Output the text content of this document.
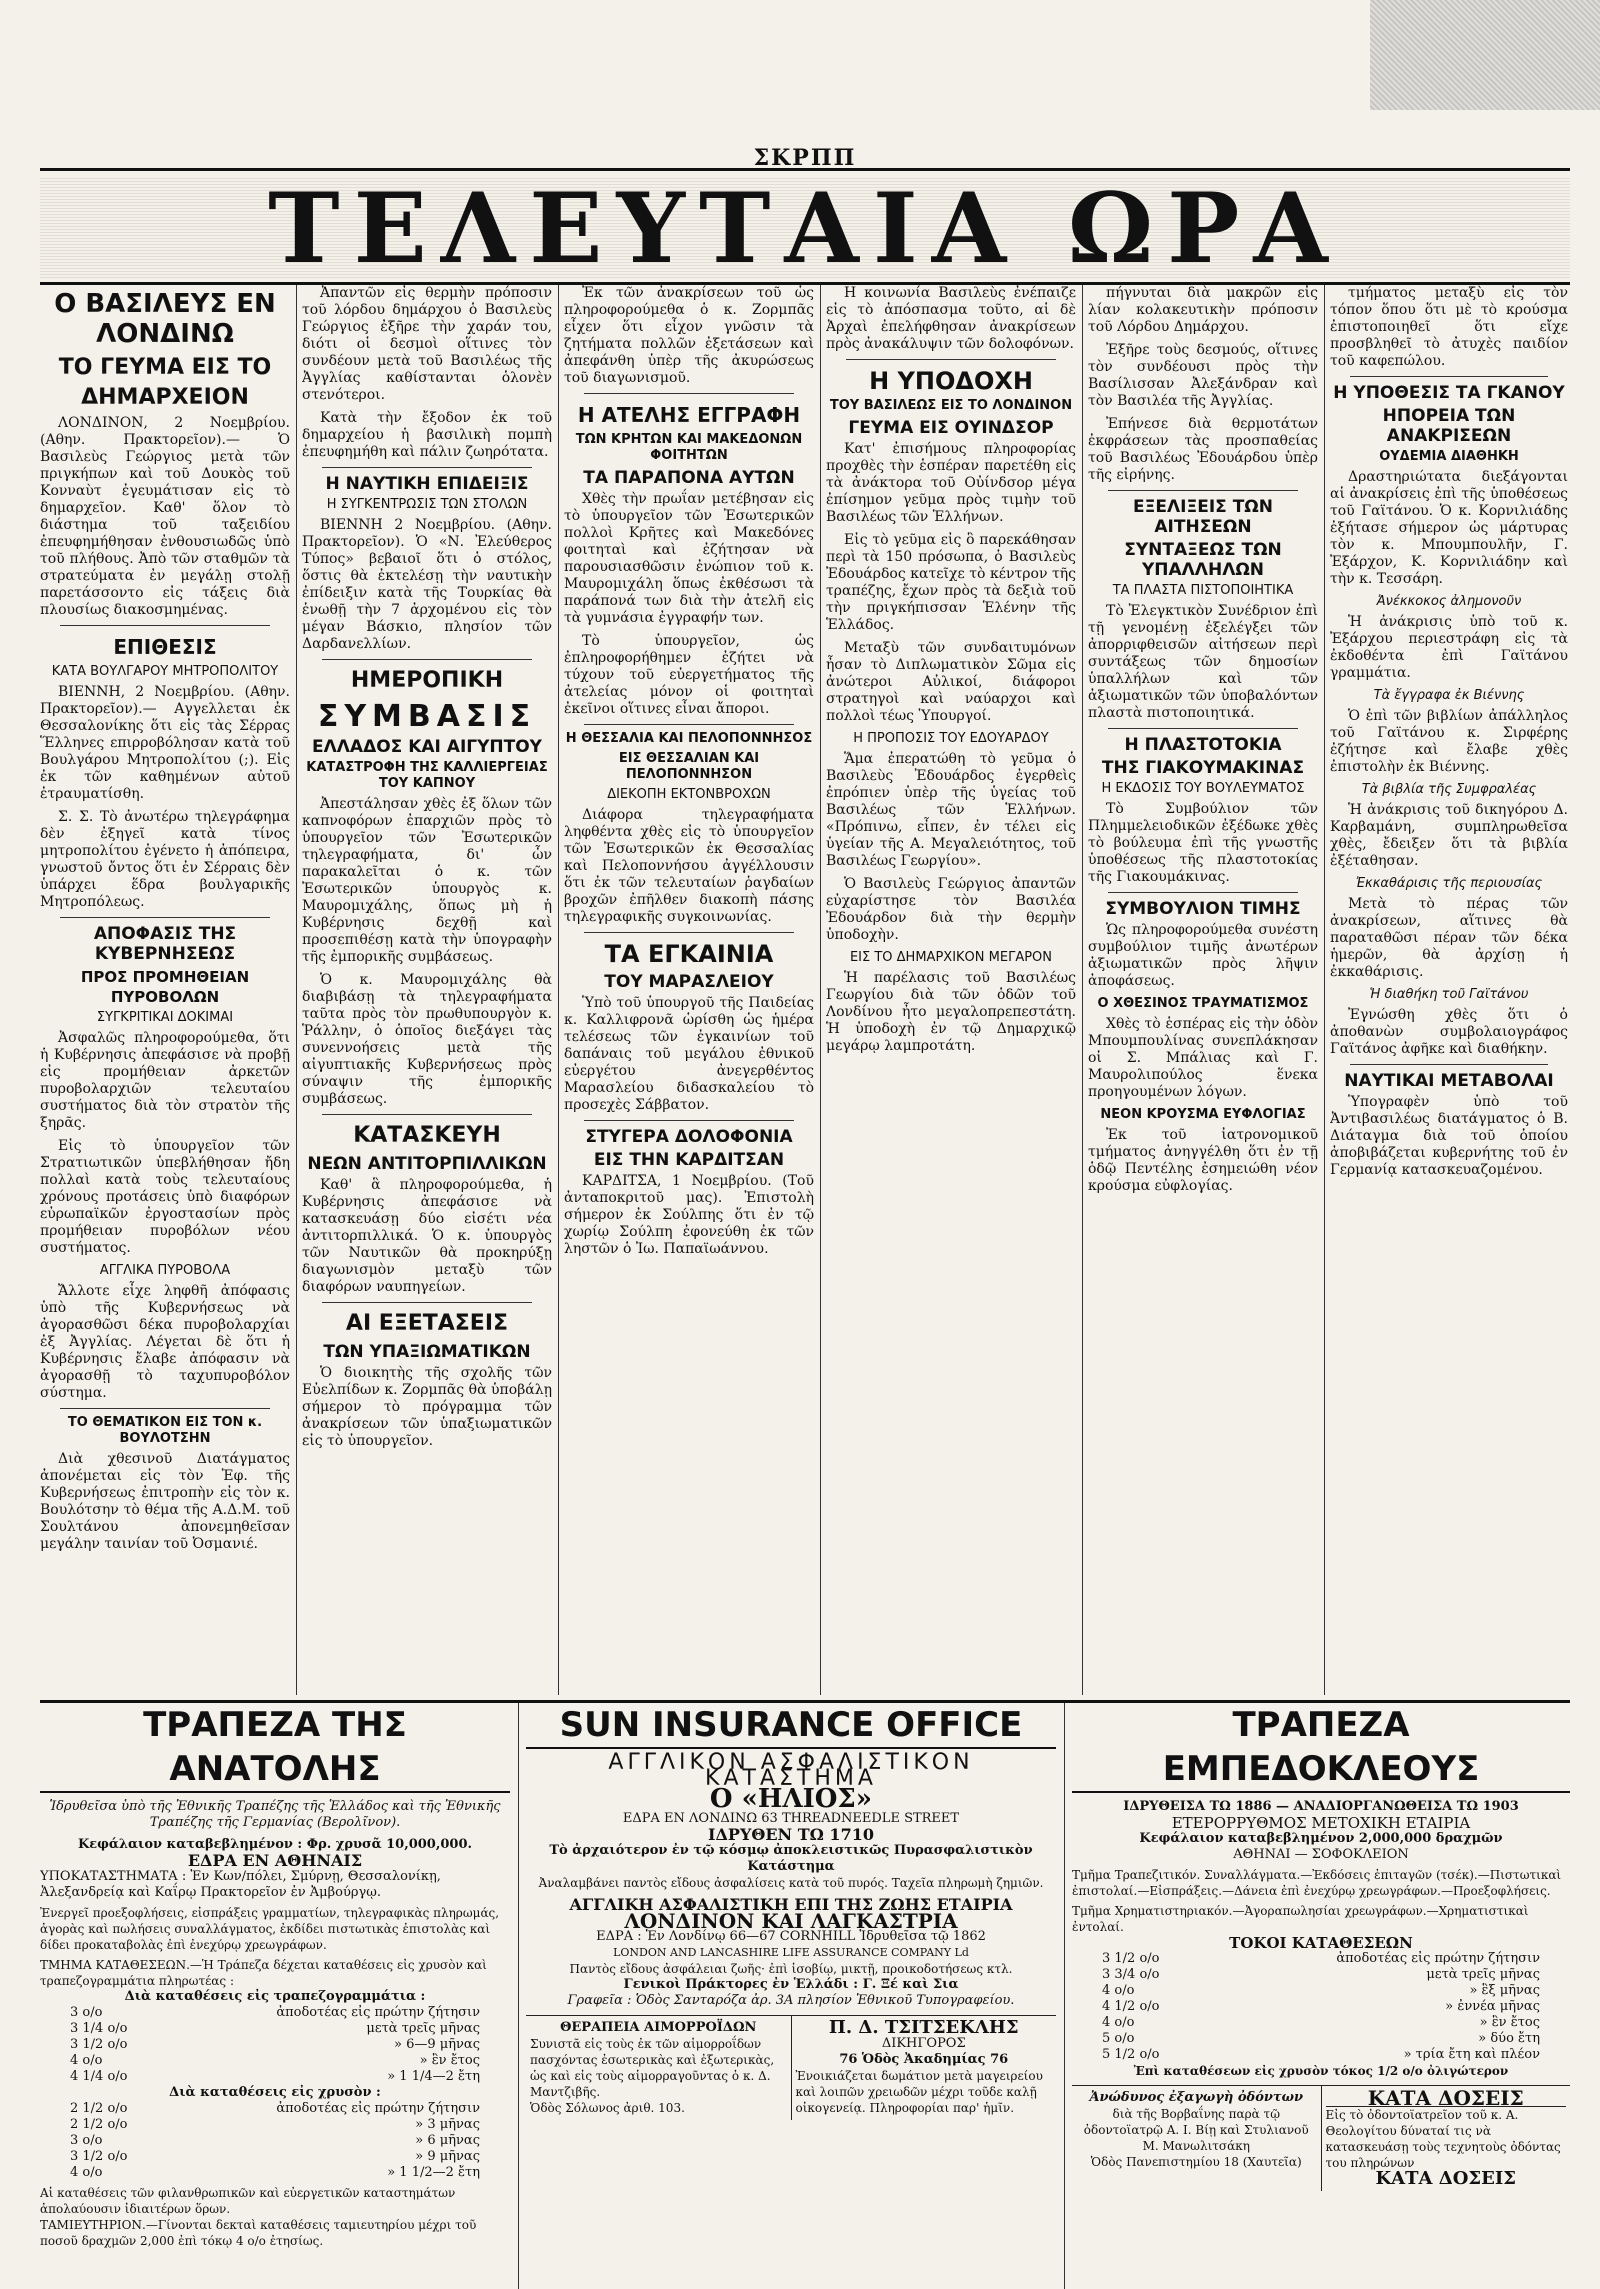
ΣΚΡΠΠ
ΤΕΛΕΥΤΑΙΑ ΩΡΑ
Ο ΒΑΣΙΛΕΥΣ ΕΝ ΛΟΝΔΙΝΩ
ΤΟ ΓΕΥΜΑ ΕΙΣ ΤΟ ΔΗΜΑΡΧΕΙΟΝ

ΛΟΝΔΙΝΟΝ, 2 Νοεμβρίου. (Αθην. Πρακτορεῖον).— Ὁ Βασιλεὺς Γεώργιος μετὰ τῶν πριγκήπων καὶ τοῦ Δουκὸς τοῦ Κονναὺτ ἐγευμάτισαν εἰς τὸ δημαρχεῖον. Καθ' ὅλον τὸ διάστημα τοῦ ταξειδίου ἐπευφημήθησαν ἐνθουσιωδῶς ὑπὸ τοῦ πλήθους. Ἀπὸ τῶν σταθμῶν τὰ στρατεύματα ἐν μεγάλῃ στολῇ παρετάσσοντο εἰς τάξεις διὰ πλουσίως διακοσμημένας.

ΕΠΙΘΕΣΙΣ
ΚΑΤΑ ΒΟΥΛΓΑΡΟΥ ΜΗΤΡΟΠΟΛΙΤΟΥ

ΒΙΕΝΝΗ, 2 Νοεμβρίου. (Αθην. Πρακτορεῖον).— Αγγελλεται ἐκ Θεσσαλονίκης ὅτι εἰς τὰς Σέρρας Ἕλληνες επιρροβόλησαν κατὰ τοῦ Βουλγάρου Μητροπολίτου (;). Εἰς ἐκ τῶν καθημένων αὐτοῦ ἐτραυματίσθη.

Σ. Σ. Τὸ ἀνωτέρω τηλεγράφημα δὲν ἐξηγεῖ κατὰ τίνος μητροπολίτου ἐγένετο ἡ ἀπόπειρα, γνωστοῦ ὄντος ὅτι ἐν Σέρραις δὲν ὑπάρχει ἕδρα βουλγαρικῆς Μητροπόλεως.

ΑΠΟΦΑΣΙΣ ΤΗΣ ΚΥΒΕΡΝΗΣΕΩΣ
ΠΡΟΣ ΠΡΟΜΗΘΕΙΑΝ ΠΥΡΟΒΟΛΩΝ
ΣΥΓΚΡΙΤΙΚΑΙ ΔΟΚΙΜΑΙ

Ἀσφαλῶς πληροφορούμεθα, ὅτι ἡ Κυβέρνησις ἀπεφάσισε νὰ προβῇ εἰς προμήθειαν ἀρκετῶν πυροβολαρχιῶν τελευταίου συστήματος διὰ τὸν στρατὸν τῆς ξηρᾶς.

Εἰς τὸ ὑπουργεῖον τῶν Στρατιωτικῶν ὑπεβλήθησαν ἤδη πολλαὶ κατὰ τοὺς τελευταίους χρόνους προτάσεις ὑπὸ διαφόρων εὐρωπαϊκῶν ἐργοστασίων πρὸς προμήθειαν πυροβόλων νέου συστήματος.

ΑΓΓΛΙΚΑ ΠΥΡΟΒΟΛΑ

Ἄλλοτε εἶχε ληφθῆ ἀπόφασις ὑπὸ τῆς Κυβερνήσεως νὰ ἀγορασθῶσι δέκα πυροβολαρχίαι ἐξ Ἀγγλίας. Λέγεται δὲ ὅτι ἡ Κυβέρνησις ἔλαβε ἀπόφασιν νὰ ἀγορασθῇ τὸ ταχυπυροβόλον σύστημα.

ΤΟ ΘΕΜΑΤΙΚΟΝ ΕΙΣ ΤΟΝ κ. ΒΟΥΛΟΤΣΗΝ

Διὰ χθεσινοῦ Διατάγματος ἀπονέμεται εἰς τὸν Ἐφ. τῆς Κυβερνήσεως ἐπιτροπὴν εἰς τὸν κ. Βουλότσην τὸ θέμα τῆς Α.Δ.Μ. τοῦ Σουλτάνου ἀπονεμηθεῖσαν μεγάλην ταινίαν τοῦ Ὀσμανιέ.

Ἀπαντῶν εἰς θερμὴν πρόποσιν τοῦ λόρδου δημάρχου ὁ Βασιλεὺς Γεώργιος ἐξῆρε τὴν χαράν του, διότι οἱ δεσμοὶ οἵτινες τὸν συνδέουν μετὰ τοῦ Βασιλέως τῆς Ἀγγλίας καθίστανται ὁλονὲν στενότεροι.

Κατὰ τὴν ἔξοδον ἐκ τοῦ δημαρχείου ἡ βασιλικὴ πομπὴ ἐπευφημήθη καὶ πάλιν ζωηρότατα.

Η ΝΑΥΤΙΚΗ ΕΠΙΔΕΙΞΙΣ
Η ΣΥΓΚΕΝΤΡΩΣΙΣ ΤΩΝ ΣΤΟΛΩΝ

ΒΙΕΝΝΗ 2 Νοεμβρίου. (Αθην. Πρακτορεῖον). Ὁ «Ν. Ἐλεύθερος Τύπος» βεβαιοῖ ὅτι ὁ στόλος, ὅστις θὰ ἐκτελέσῃ τὴν ναυτικὴν ἐπίδειξιν κατὰ τῆς Τουρκίας θὰ ἑνωθῇ τὴν 7 ἀρχομένου εἰς τὸν μέγαν Βάσκιο, πλησίον τῶν Δαρδανελλίων.

ΗΜΕΡΟΠΙΚΗ
ΣΥΜΒΑΣΙΣ
ΕΛΛΑΔΟΣ ΚΑΙ ΑΙΓΥΠΤΟΥ
ΚΑΤΑΣΤΡΟΦΗ ΤΗΣ ΚΑΛΛΙΕΡΓΕΙΑΣ ΤΟΥ ΚΑΠΝΟΥ

Ἀπεστάλησαν χθὲς ἐξ ὅλων τῶν καπνοφόρων ἐπαρχιῶν πρὸς τὸ ὑπουργεῖον τῶν Ἐσωτερικῶν τηλεγραφήματα, δι' ὧν παρακαλεῖται ὁ κ. τῶν Ἐσωτερικῶν ὑπουργὸς κ. Μαυρομιχάλης, ὅπως μὴ ἡ Κυβέρνησις δεχθῇ καὶ προσεπιθέσῃ κατὰ τὴν ὑπογραφὴν τῆς ἐμπορικῆς συμβάσεως.

Ὁ κ. Μαυρομιχάλης θὰ διαβιβάσῃ τὰ τηλεγραφήματα ταῦτα πρὸς τὸν πρωθυπουργὸν κ. Ῥάλλην, ὁ ὁποῖος διεξάγει τὰς συνεννοήσεις μετὰ τῆς αἰγυπτιακῆς Κυβερνήσεως πρὸς σύναψιν τῆς ἐμπορικῆς συμβάσεως.

ΚΑΤΑΣΚΕΥΗ
ΝΕΩΝ ΑΝΤΙΤΟΡΠΙΛΛΙΚΩΝ

Καθ' ἃ πληροφορούμεθα, ἡ Κυβέρνησις ἀπεφάσισε νὰ κατασκευάσῃ δύο εἰσέτι νέα ἀντιτορπιλλικά. Ὁ κ. ὑπουργὸς τῶν Ναυτικῶν θὰ προκηρύξῃ διαγωνισμὸν μεταξὺ τῶν διαφόρων ναυπηγείων.

ΑΙ ΕΞΕΤΑΣΕΙΣ
ΤΩΝ ΥΠΑΞΙΩΜΑΤΙΚΩΝ

Ὁ διοικητὴς τῆς σχολῆς τῶν Εὐελπίδων κ. Ζορμπᾶς θὰ ὑποβάλῃ σήμερον τὸ πρόγραμμα τῶν ἀνακρίσεων τῶν ὑπαξιωματικῶν εἰς τὸ ὑπουργεῖον.

Ἐκ τῶν ἀνακρίσεων τοῦ ὡς πληροφορούμεθα ὁ κ. Ζορμπᾶς εἶχεν ὅτι εἶχον γνῶσιν τὰ ζητήματα πολλῶν ἐξετάσεων καὶ ἀπεφάνθη ὑπὲρ τῆς ἀκυρώσεως τοῦ διαγωνισμοῦ.

Η ΑΤΕΛΗΣ ΕΓΓΡΑΦΗ
ΤΩΝ ΚΡΗΤΩΝ ΚΑΙ ΜΑΚΕΔΟΝΩΝ ΦΟΙΤΗΤΩΝ
ΤΑ ΠΑΡΑΠΟΝΑ ΑΥΤΩΝ

Χθὲς τὴν πρωΐαν μετέβησαν εἰς τὸ ὑπουργεῖον τῶν Ἐσωτερικῶν πολλοὶ Κρῆτες καὶ Μακεδόνες φοιτηταὶ καὶ ἐζήτησαν νὰ παρουσιασθῶσιν ἐνώπιον τοῦ κ. Μαυρομιχάλη ὅπως ἐκθέσωσι τὰ παράπονά των διὰ τὴν ἀτελῆ εἰς τὰ γυμνάσια ἐγγραφήν των.

Τὸ ὑπουργεῖον, ὡς ἐπληροφορήθημεν ἐζήτει νὰ τύχουν τοῦ εὐεργετήματος τῆς ἀτελείας μόνον οἱ φοιτηταὶ ἐκεῖνοι οἵτινες εἶναι ἄποροι.

Η ΘΕΣΣΑΛΙΑ ΚΑΙ ΠΕΛΟΠΟΝΝΗΣΟΣ
ΕΙΣ ΘΕΣΣΑΛΙΑΝ ΚΑΙ ΠΕΛΟΠΟΝΝΗΣΟΝ
ΔΙΕΚΟΠΗ ΕΚΤΟΝΒΡΟΧΩΝ

Διάφορα τηλεγραφήματα ληφθέντα χθὲς εἰς τὸ ὑπουργεῖον τῶν Ἐσωτερικῶν ἐκ Θεσσαλίας καὶ Πελοποννήσου ἀγγέλλουσιν ὅτι ἐκ τῶν τελευταίων ῥαγδαίων βροχῶν ἐπῆλθεν διακοπὴ πάσης τηλεγραφικῆς συγκοινωνίας.

ΤΑ ΕΓΚΑΙΝΙΑ
ΤΟΥ ΜΑΡΑΣΛΕΙΟΥ

Ὑπὸ τοῦ ὑπουργοῦ τῆς Παιδείας κ. Καλλιφρονᾶ ὡρίσθη ὡς ἡμέρα τελέσεως τῶν ἐγκαινίων τοῦ δαπάναις τοῦ μεγάλου ἐθνικοῦ εὐεργέτου ἀνεγερθέντος Μαρασλείου διδασκαλείου τὸ προσεχὲς Σάββατον.

ΣΤΥΓΕΡΑ ΔΟΛΟΦΟΝΙΑ
ΕΙΣ ΤΗΝ ΚΑΡΔΙΤΣΑΝ

ΚΑΡΔΙΤΣΑ, 1 Νοεμβρίου. (Τοῦ ἀνταποκριτοῦ μας). Ἐπιστολὴ σήμερον ἐκ Σούλπης ὅτι ἐν τῷ χωρίῳ Σούλπη ἐφονεύθη ἐκ τῶν ληστῶν ὁ Ἰω. Παπαϊωάννου.

Η κοινωνία Βασιλεὺς ἐνέπαιζε εἰς τὸ ἀπόσπασμα τοῦτο, αἱ δὲ Ἀρχαὶ ἐπελήφθησαν ἀνακρίσεων πρὸς ἀνακάλυψιν τῶν δολοφόνων.

Η ΥΠΟΔΟΧΗ
ΤΟΥ ΒΑΣΙΛΕΩΣ ΕΙΣ ΤΟ ΛΟΝΔΙΝΟΝ
ΓΕΥΜΑ ΕΙΣ ΟΥΙΝΔΣΟΡ

Κατ' ἐπισήμους πληροφορίας προχθὲς τὴν ἑσπέραν παρετέθη εἰς τὰ ἀνάκτορα τοῦ Οὐίνδσορ μέγα ἐπίσημον γεῦμα πρὸς τιμὴν τοῦ Βασιλέως τῶν Ἑλλήνων.

Εἰς τὸ γεῦμα εἰς ὃ παρεκάθησαν περὶ τὰ 150 πρόσωπα, ὁ Βασιλεὺς Ἐδουάρδος κατεῖχε τὸ κέντρον τῆς τραπέζης, ἔχων πρὸς τὰ δεξιὰ τοῦ τὴν πριγκήπισσαν Ἑλένην τῆς Ἑλλάδος.

Μεταξὺ τῶν συνδαιτυμόνων ἦσαν τὸ Διπλωματικὸν Σῶμα εἰς ἀνώτεροι Αὐλικοί, διάφοροι στρατηγοὶ καὶ ναύαρχοι καὶ πολλοὶ τέως Ὑπουργοί.

Η ΠΡΟΠΟΣΙΣ ΤΟΥ ΕΔΟΥΑΡΔΟΥ

Ἅμα ἐπερατώθη τὸ γεῦμα ὁ Βασιλεὺς Ἐδουάρδος ἐγερθεὶς ἐπρόπιεν ὑπὲρ τῆς ὑγείας τοῦ Βασιλέως τῶν Ἑλλήνων. «Πρόπινω, εἶπεν, ἐν τέλει εἰς ὑγείαν τῆς Α. Μεγαλειότητος, τοῦ Βασιλέως Γεωργίου».

Ὁ Βασιλεὺς Γεώργιος ἀπαντῶν εὐχαρίστησε τὸν Βασιλέα Ἐδουάρδον διὰ τὴν θερμὴν ὑποδοχὴν.

ΕΙΣ ΤΟ ΔΗΜΑΡΧΙΚΟΝ ΜΕΓΑΡΟΝ

Ἡ παρέλασις τοῦ Βασιλέως Γεωργίου διὰ τῶν ὁδῶν τοῦ Λονδίνου ἦτο μεγαλοπρεπεστάτη. Ἡ ὑποδοχὴ ἐν τῷ Δημαρχικῷ μεγάρῳ λαμπροτάτη.

πήγνυται διὰ μακρῶν εἰς λίαν κολακευτικὴν πρόποσιν τοῦ Λόρδου Δημάρχου.

Ἐξῆρε τοὺς δεσμούς, οἵτινες τὸν συνδέουσι πρὸς τὴν Βασίλισσαν Ἀλεξάνδραν καὶ τὸν Βασιλέα τῆς Ἀγγλίας.

Ἐπήνεσε διὰ θερμοτάτων ἐκφράσεων τὰς προσπαθείας τοῦ Βασιλέως Ἐδουάρδου ὑπὲρ τῆς εἰρήνης.

ΕΞΕΛΙΞΕΙΣ ΤΩΝ ΑΙΤΗΣΕΩΝ
ΣΥΝΤΑΞΕΩΣ ΤΩΝ ΥΠΑΛΛΗΛΩΝ
ΤΑ ΠΛΑΣΤΑ ΠΙΣΤΟΠΟΙΗΤΙΚΑ

Τὸ Ἐλεγκτικὸν Συνέδριον ἐπὶ τῇ γενομένῃ ἐξελέγξει τῶν ἀπορριφθεισῶν αἰτήσεων περὶ συντάξεως τῶν δημοσίων ὑπαλλήλων καὶ τῶν ἀξιωματικῶν τῶν ὑποβαλόντων πλαστὰ πιστοποιητικά.

Η ΠΛΑΣΤΟΤΟΚΙΑ
ΤΗΣ ΓΙΑΚΟΥΜΑΚΙΝΑΣ
Η ΕΚΔΟΣΙΣ ΤΟΥ ΒΟΥΛΕΥΜΑΤΟΣ

Τὸ Συμβούλιον τῶν Πλημμελειοδικῶν ἐξέδωκε χθὲς τὸ βούλευμα ἐπὶ τῆς γνωστῆς ὑποθέσεως τῆς πλαστοτοκίας τῆς Γιακουμάκινας.

ΣΥΜΒΟΥΛΙΟΝ ΤΙΜΗΣ

Ὡς πληροφορούμεθα συνέστη συμβούλιον τιμῆς ἀνωτέρων ἀξιωματικῶν πρὸς λῆψιν ἀποφάσεως.

Ο ΧΘΕΣΙΝΟΣ ΤΡΑΥΜΑΤΙΣΜΟΣ

Χθὲς τὸ ἑσπέρας εἰς τὴν ὁδὸν Μπουμπουλίνας συνεπλάκησαν οἱ Σ. Μπάλιας καὶ Γ. Μαυρολιπούλος ἕνεκα προηγουμένων λόγων.

ΝΕΟΝ ΚΡΟΥΣΜΑ ΕΥΦΛΟΓΙΑΣ

Ἐκ τοῦ ἰατρονομικοῦ τμήματος ἀνηγγέλθη ὅτι ἐν τῇ ὁδῷ Πεντέλης ἐσημειώθη νέον κρούσμα εὐφλογίας.

τμήματος μεταξὺ εἰς τὸν τόπον ὅπου ὅτι μὲ τὸ κρούσμα ἐπιστοποιηθεῖ ὅτι εἴχε προσβληθεῖ τὸ ἀτυχὲς παιδίον τοῦ καφεπώλου.

Η ΥΠΟΘΕΣΙΣ ΤΑ ΓΚΑΝΟΥ
ΗΠΟΡΕΙΑ ΤΩΝ ΑΝΑΚΡΙΣΕΩΝ
ΟΥΔΕΜΙΑ ΔΙΑΘΗΚΗ

Δραστηριώτατα διεξάγονται αἱ ἀνακρίσεις ἐπὶ τῆς ὑποθέσεως τοῦ Γαϊτάνου. Ὁ κ. Κορνιλιάδης ἐξήτασε σήμερον ὡς μάρτυρας τὸν κ. Μπουμπουλῆν, Γ. Ἐξάρχον, Κ. Κορνιλιάδην καὶ τὴν κ. Τεσσάρη.

Ἀνέκκοκος ἀλημονοῦν

Ἡ ἀνάκρισις ὑπὸ τοῦ κ. Ἐξάρχου περιεστράφη εἰς τὰ ἐκδοθέντα ἐπὶ Γαϊτάνου γραμμάτια.

Τὰ ἔγγραφα ἐκ Βιέννης

Ὁ ἐπὶ τῶν βιβλίων ἀπάλληλος τοῦ Γαϊτάνου κ. Σιρφέρης ἐζήτησε καὶ ἔλαβε χθὲς ἐπιστολὴν ἐκ Βιέννης.

Τὰ βιβλία τῆς Συμφραλέας

Ἡ ἀνάκρισις τοῦ δικηγόρου Δ. Καρβαμάνη, συμπληρωθεῖσα χθὲς, ἔδειξεν ὅτι τὰ βιβλία ἐξέταθησαν.

Ἐκκαθάρισις τῆς περιουσίας

Μετὰ τὸ πέρας τῶν ἀνακρίσεων, αἵτινες θὰ παραταθῶσι πέραν τῶν δέκα ἡμερῶν, θὰ ἀρχίσῃ ἡ ἐκκαθάρισις.

Ἡ διαθήκη τοῦ Γαϊτάνου

Ἐγνώσθη χθὲς ὅτι ὁ ἀποθανὼν συμβολαιογράφος Γαϊτάνος ἀφῆκε καὶ διαθήκην.

ΝΑΥΤΙΚΑΙ ΜΕΤΑΒΟΛΑΙ

Ὑπογραφὲν ὑπὸ τοῦ Ἀντιβασιλέως διατάγματος ὁ Β. Διάταγμα διὰ τοῦ ὁποίου ἀποβιβάζεται κυβερνήτης τοῦ ἐν Γερμανίᾳ κατασκευαζομένου.

ΤΡΑΠΕΖΑ ΤΗΣ ΑΝΑΤΟΛΗΣ
Ἱδρυθεῖσα ὑπὸ τῆς Ἐθνικῆς Τραπέζης τῆς Ἑλλάδος καὶ τῆς Ἐθνικῆς Τραπέζης τῆς Γερμανίας (Βερολῖνον).
Κεφάλαιον καταβεβλημένον : Φρ. χρυσᾶ 10,000,000.
ΕΔΡΑ ΕΝ ΑΘΗΝΑΙΣ
ΥΠΟΚΑΤΑΣΤΗΜΑΤΑ : Ἐν Κων/πόλει, Σμύρνῃ, Θεσσαλονίκῃ, Ἀλεξανδρείᾳ καὶ Καΐρῳ Πρακτορεῖον ἐν Ἀμβούργῳ.
Ἐνεργεῖ προεξοφλήσεις, εἰσπράξεις γραμματίων, τηλεγραφικὰς πληρωμάς, ἀγορὰς καὶ πωλήσεις συναλλάγματος, ἐκδίδει πιστωτικὰς ἐπιστολὰς καὶ δίδει προκαταβολὰς ἐπὶ ἐνεχύρῳ χρεωγράφων.
ΤΜΗΜΑ ΚΑΤΑΘΕΣΕΩΝ.—Ἡ Τράπεζα δέχεται καταθέσεις εἰς χρυσὸν καὶ τραπεζογραμμάτια πληρωτέας :
Διὰ καταθέσεις εἰς τραπεζογραμμάτια :
3 ο/ο	ἀποδοτέας εἰς πρώτην ζήτησιν
3 1/4 ο/ο	μετὰ τρεῖς μῆνας
3 1/2 ο/ο	» 6—9 μῆνας
4 ο/ο	» ἓν ἔτος
4 1/4 ο/ο	» 1 1/4—2 ἔτη
Διὰ καταθέσεις εἰς χρυσὸν :
2 1/2 ο/ο	ἀποδοτέας εἰς πρώτην ζήτησιν
2 1/2 ο/ο	» 3 μῆνας
3 ο/ο	» 6 μῆνας
3 1/2 ο/ο	» 9 μῆνας
4 ο/ο	» 1 1/2—2 ἔτη
Αἱ καταθέσεις τῶν φιλανθρωπικῶν καὶ εὐεργετικῶν καταστημάτων ἀπολαύουσιν ἰδιαιτέρων ὅρων.
ΤΑΜΙΕΥΤΗΡΙΟΝ.—Γίνονται δεκταὶ καταθέσεις ταμιευτηρίου μέχρι τοῦ ποσοῦ δραχμῶν 2,000 ἐπὶ τόκῳ 4 ο/ο ἐτησίως.
SUN INSURANCE OFFICE
ΑΓΓΛΙΚΟΝ ΑΣΦΑΛΙΣΤΙΚΟΝ ΚΑΤΑΣΤΗΜΑ
Ο «ΗΛΙΟΣ»
ΕΔΡΑ ΕΝ ΛΟΝΔΙΝΩ 63 THREADNEEDLE STREET
ΙΔΡΥΘΕΝ ΤΩ 1710
Τὸ ἀρχαιότερον ἐν τῷ κόσμῳ ἀποκλειστικῶς Πυρασφαλιστικὸν Κατάστημα
Ἀναλαμβάνει παντὸς εἴδους ἀσφαλίσεις κατὰ τοῦ πυρός. Ταχεῖα πληρωμὴ ζημιῶν.
ΑΓΓΛΙΚΗ ΑΣΦΑΛΙΣΤΙΚΗ ΕΠΙ ΤΗΣ ΖΩΗΣ ΕΤΑΙΡΙΑ
ΛΟΝΔΙΝΟΝ ΚΑΙ ΛΑΓΚΑΣΤΡΙΑ
ΕΔΡΑ : Ἐν Λονδίνῳ 66—67 CORNHILL Ἱδρυθεῖσα τῷ 1862
LONDON AND LANCASHIRE LIFE ASSURANCE COMPANY Ld
Παντὸς εἴδους ἀσφάλειαι ζωῆς· ἐπὶ ἰσοβίῳ, μικτῇ, προικοδοτήσεως κτλ.
Γενικοὶ Πράκτορες ἐν Ἑλλάδι : Γ. Ξέ καὶ Σια
Γραφεῖα : Ὁδὸς Σανταρόζα ἀρ. 3Α πλησίον Ἐθνικοῦ Τυπογραφείου.
ΘΕΡΑΠΕΙΑ ΑΙΜΟΡΡΟΪΔΩΝ
Συνιστᾶ εἰς τοὺς ἐκ τῶν αἱμορροΐδων πασχόντας ἐσωτερικὰς καὶ ἐξωτερικὰς, ὡς καὶ εἰς τοὺς αἱμορραγοῦντας ὁ κ. Δ. Μαντζιβῆς.
Ὁδὸς Σόλωνος ἀριθ. 103.
Π. Δ. ΤΣΙΤΣΕΚΛΗΣ
ΔΙΚΗΓΟΡΟΣ
76 Ὁδὸς Ἀκαδημίας 76
Ἐνοικιάζεται δωμάτιον μετὰ μαγειρείου καὶ λοιπῶν χρειωδῶν μέχρι τοῦδε καλῇ οἰκογενείᾳ. Πληροφορίαι παρ' ἡμῖν.
ΤΡΑΠΕΖΑ ΕΜΠΕΔΟΚΛΕΟΥΣ
ΙΔΡΥΘΕΙΣΑ ΤΩ 1886 — ΑΝΑΔΙΟΡΓΑΝΩΘΕΙΣΑ ΤΩ 1903
ΕΤΕΡΟΡΡΥΘΜΟΣ ΜΕΤΟΧΙΚΗ ΕΤΑΙΡΙΑ
Κεφάλαιον καταβεβλημένον 2,000,000 δραχμῶν
ΑΘΗΝΑΙ — ΣΟΦΟΚΛΕΙΟΝ
Τμῆμα Τραπεζιτικόν. Συναλλάγματα.—Ἐκδόσεις ἐπιταγῶν (τσέκ).—Πιστωτικαὶ ἐπιστολαί.—Εἰσπράξεις.—Δάνεια ἐπὶ ἐνεχύρῳ χρεωγράφων.—Προεξοφλήσεις.
Τμῆμα Χρηματιστηριακόν.—Ἀγοραπωλησίαι χρεωγράφων.—Χρηματιστικαὶ ἐντολαί.
ΤΟΚΟΙ ΚΑΤΑΘΕΣΕΩΝ
3 1/2 ο/ο	ἀποδοτέας εἰς πρώτην ζήτησιν
3 3/4 ο/ο	μετὰ τρεῖς μῆνας
4 ο/ο	» ἓξ μῆνας
4 1/2 ο/ο	» ἐννέα μῆνας
4 ο/ο	» ἓν ἔτος
5 ο/ο	» δύο ἔτη
5 1/2 ο/ο	» τρία ἔτη καὶ πλέον
Ἐπὶ καταθέσεων εἰς χρυσὸν τόκος 1/2 ο/ο ὀλιγώτερον
Ἀνώδυνος ἐξαγωγὴ ὀδόντων
διὰ τῆς Βορβαΐνης παρὰ τῷ ὀδοντοϊατρῷ Α. Ι. Βίῃ καὶ Στυλιανοῦ Μ. Μανωλιτσάκη
Ὁδὸς Πανεπιστημίου 18 (Χαυτεῖα)
ΚΑΤΑ ΔΟΣΕΙΣ
Εἰς τὸ ὀδοντοϊατρεῖον τοῦ κ. Α. Θεολογίτου δύναταί τις νὰ κατασκευάσῃ τοὺς τεχνητοὺς ὀδόντας του πληρώνων
ΚΑΤΑ ΔΟΣΕΙΣ
